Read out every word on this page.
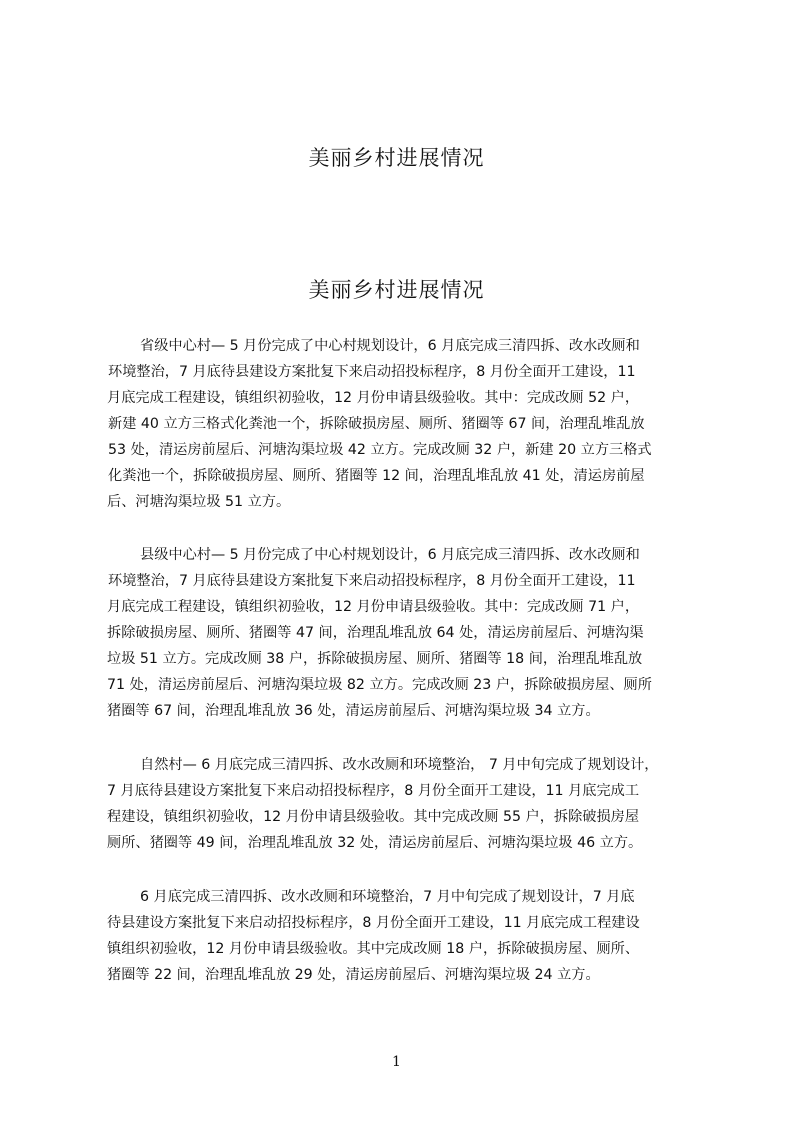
美丽乡村进展情况
美丽乡村进展情况
省级中心村— 5 月份完成了中心村规划设计，6 月底完成三清四拆、改水改厕和
环境整治，7 月底待县建设方案批复下来启动招投标程序，8 月份全面开工建设，11
月底完成工程建设，镇组织初验收，12 月份申请县级验收。其中：完成改厕 52 户，
新建 40 立方三格式化粪池一个，拆除破损房屋、厕所、猪圈等 67 间，治理乱堆乱放
53 处，清运房前屋后、河塘沟渠垃圾 42 立方。完成改厕 32 户，新建 20 立方三格式
化粪池一个，拆除破损房屋、厕所、猪圈等 12 间，治理乱堆乱放 41 处，清运房前屋
后、河塘沟渠垃圾 51 立方。
县级中心村— 5 月份完成了中心村规划设计，6 月底完成三清四拆、改水改厕和
环境整治，7 月底待县建设方案批复下来启动招投标程序，8 月份全面开工建设，11
月底完成工程建设，镇组织初验收，12 月份申请县级验收。其中：完成改厕 71 户，
拆除破损房屋、厕所、猪圈等 47 间，治理乱堆乱放 64 处，清运房前屋后、河塘沟渠
垃圾 51 立方。完成改厕 38 户，拆除破损房屋、厕所、猪圈等 18 间，治理乱堆乱放
71 处，清运房前屋后、河塘沟渠垃圾 82 立方。完成改厕 23 户，拆除破损房屋、厕所
猪圈等 67 间，治理乱堆乱放 36 处，清运房前屋后、河塘沟渠垃圾 34 立方。
自然村— 6 月底完成三清四拆、改水改厕和环境整治， 7 月中旬完成了规划设计，
7 月底待县建设方案批复下来启动招投标程序，8 月份全面开工建设，11 月底完成工
程建设，镇组织初验收，12 月份申请县级验收。其中完成改厕 55 户，拆除破损房屋
厕所、猪圈等 49 间，治理乱堆乱放 32 处，清运房前屋后、河塘沟渠垃圾 46 立方。
6 月底完成三清四拆、改水改厕和环境整治，7 月中旬完成了规划设计，7 月底
待县建设方案批复下来启动招投标程序，8 月份全面开工建设，11 月底完成工程建设
镇组织初验收，12 月份申请县级验收。其中完成改厕 18 户，拆除破损房屋、厕所、
猪圈等 22 间，治理乱堆乱放 29 处，清运房前屋后、河塘沟渠垃圾 24 立方。
1
